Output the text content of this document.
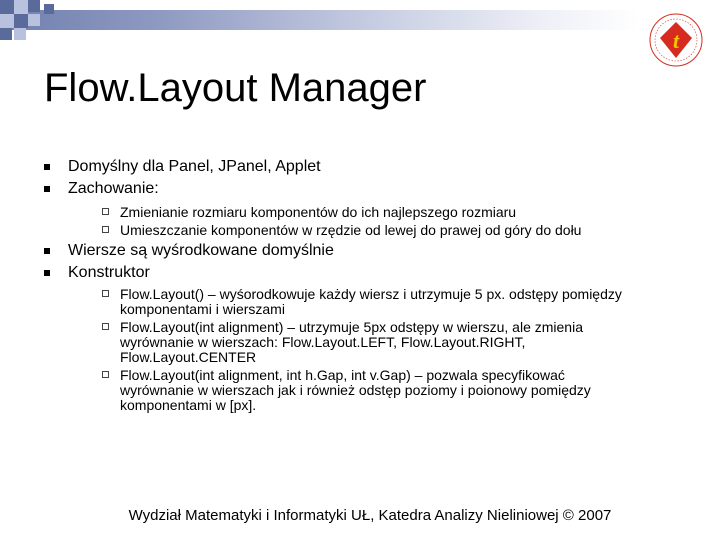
t
Flow.Layout Manager
Domyślny dla Panel, JPanel, Applet
Zachowanie:
Zmienianie rozmiaru komponentów do ich najlepszego rozmiaru
Umieszczanie komponentów w rzędzie od lewej do prawej od góry do dołu
Wiersze są wyśrodkowane domyślnie
Konstruktor
Flow.Layout() – wyśorodkowuje każdy wiersz i utrzymuje 5 px. odstępy pomiędzy
komponentami i wierszami
Flow.Layout(int alignment) – utrzymuje 5px odstępy w wierszu, ale zmienia
wyrównanie w wierszach: Flow.Layout.LEFT, Flow.Layout.RIGHT,
Flow.Layout.CENTER
Flow.Layout(int alignment, int h.Gap, int v.Gap) – pozwala specyfikować
wyrównanie w wierszach jak i również odstęp poziomy i poionowy pomiędzy
komponentami w [px].
Wydział Matematyki i Informatyki UŁ, Katedra Analizy Nieliniowej © 2007
